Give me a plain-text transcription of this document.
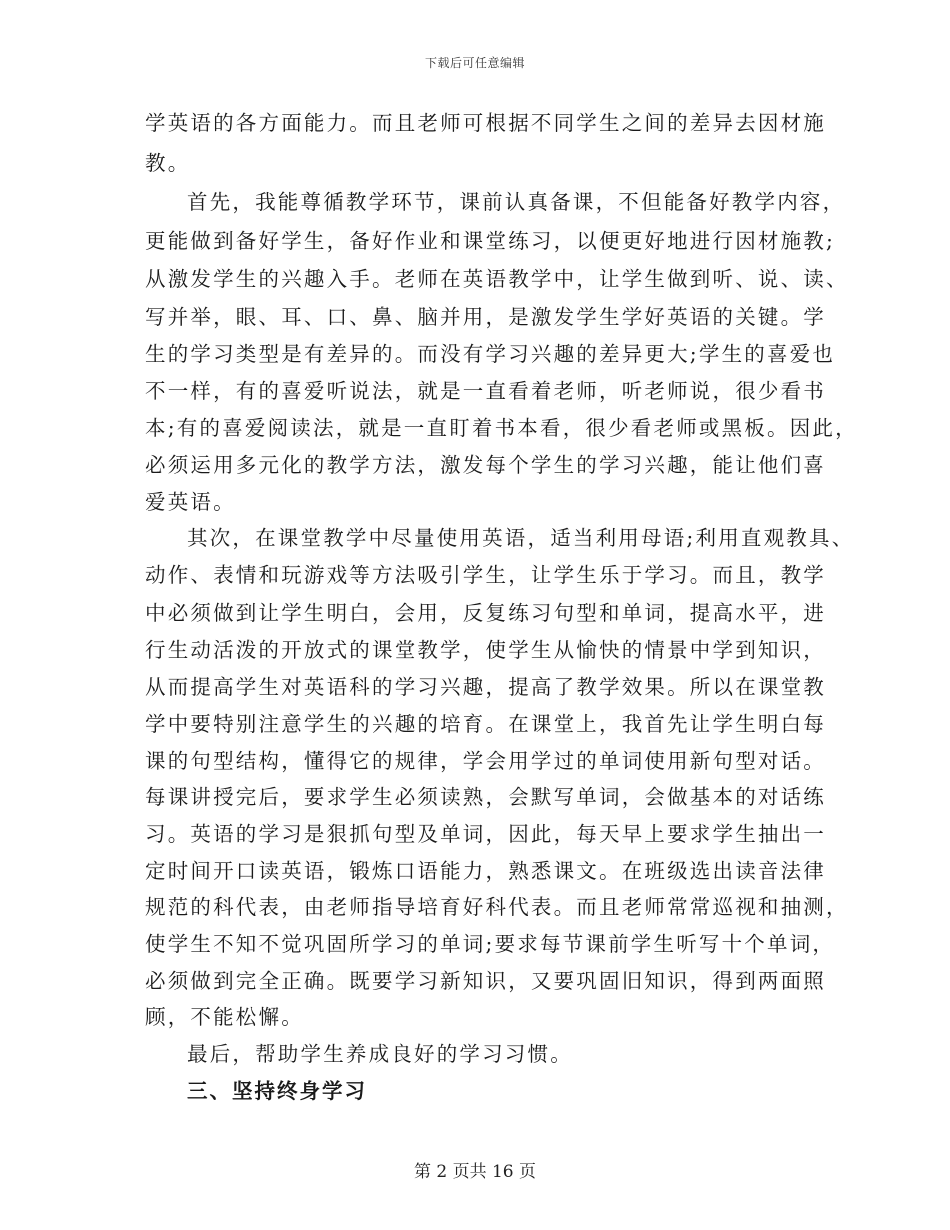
下载后可任意编辑
学英语的各方面能力。而且老师可根据不同学生之间的差异去因材施
教。
首先，我能尊循教学环节，课前认真备课，不但能备好教学内容，
更能做到备好学生，备好作业和课堂练习，以便更好地进行因材施教;
从激发学生的兴趣入手。老师在英语教学中，让学生做到听、说、读、
写并举，眼、耳、口、鼻、脑并用，是激发学生学好英语的关键。学
生的学习类型是有差异的。而没有学习兴趣的差异更大;学生的喜爱也
不一样，有的喜爱听说法，就是一直看着老师，听老师说，很少看书
本;有的喜爱阅读法，就是一直盯着书本看，很少看老师或黑板。因此，
必须运用多元化的教学方法，激发每个学生的学习兴趣，能让他们喜
爱英语。
其次，在课堂教学中尽量使用英语，适当利用母语;利用直观教具、
动作、表情和玩游戏等方法吸引学生，让学生乐于学习。而且，教学
中必须做到让学生明白，会用，反复练习句型和单词，提高水平，进
行生动活泼的开放式的课堂教学，使学生从愉快的情景中学到知识，
从而提高学生对英语科的学习兴趣，提高了教学效果。所以在课堂教
学中要特别注意学生的兴趣的培育。在课堂上，我首先让学生明白每
课的句型结构，懂得它的规律，学会用学过的单词使用新句型对话。
每课讲授完后，要求学生必须读熟，会默写单词，会做基本的对话练
习。英语的学习是狠抓句型及单词，因此，每天早上要求学生抽出一
定时间开口读英语，锻炼口语能力，熟悉课文。在班级选出读音法律
规范的科代表，由老师指导培育好科代表。而且老师常常巡视和抽测，
使学生不知不觉巩固所学习的单词;要求每节课前学生听写十个单词，
必须做到完全正确。既要学习新知识，又要巩固旧知识，得到两面照
顾，不能松懈。
最后，帮助学生养成良好的学习习惯。
三、坚持终身学习
第 2 页共 16 页
